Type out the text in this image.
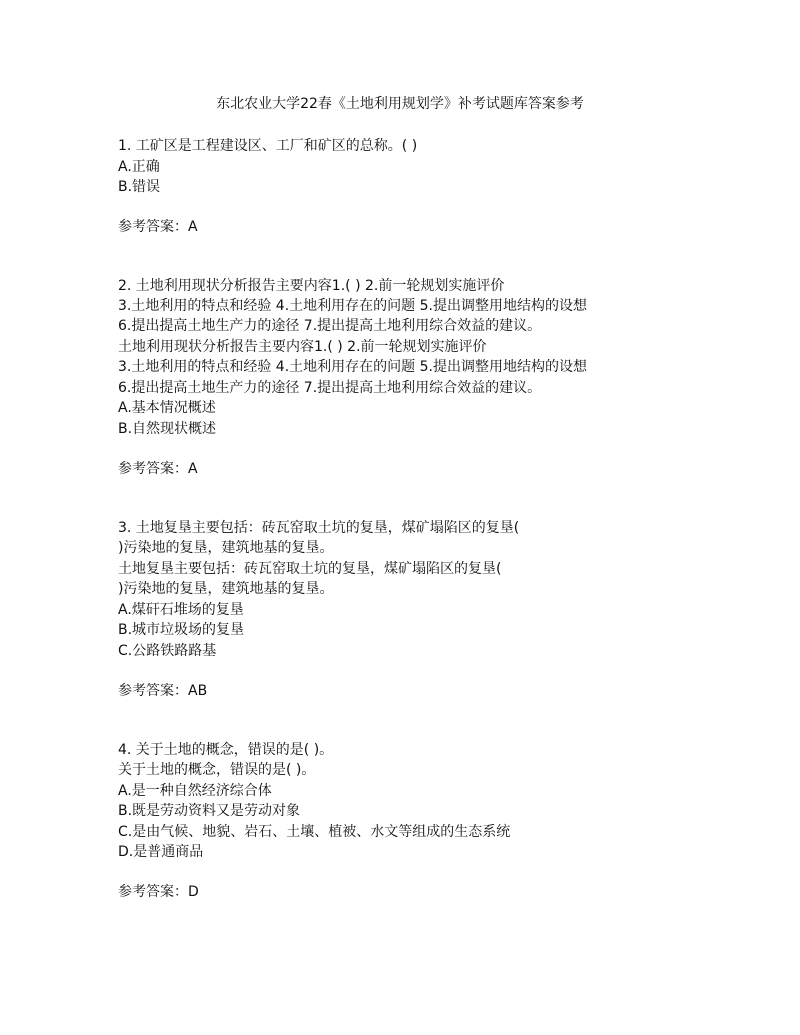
东北农业大学22春《土地利用规划学》补考试题库答案参考
1. 工矿区是工程建设区、工厂和矿区的总称。( )
A.正确
B.错误
参考答案：A
2. 土地利用现状分析报告主要内容1.( ) 2.前一轮规划实施评价
3.土地利用的特点和经验 4.土地利用存在的问题 5.提出调整用地结构的设想
6.提出提高土地生产力的途径 7.提出提高土地利用综合效益的建议。
土地利用现状分析报告主要内容1.( ) 2.前一轮规划实施评价
3.土地利用的特点和经验 4.土地利用存在的问题 5.提出调整用地结构的设想
6.提出提高土地生产力的途径 7.提出提高土地利用综合效益的建议。
A.基本情况概述
B.自然现状概述
参考答案：A
3. 土地复垦主要包括：砖瓦窑取土坑的复垦，煤矿塌陷区的复垦(
)污染地的复垦，建筑地基的复垦。
土地复垦主要包括：砖瓦窑取土坑的复垦，煤矿塌陷区的复垦(
)污染地的复垦，建筑地基的复垦。
A.煤矸石堆场的复垦
B.城市垃圾场的复垦
C.公路铁路路基
参考答案：AB
4. 关于土地的概念，错误的是( )。
关于土地的概念，错误的是( )。
A.是一种自然经济综合体
B.既是劳动资料又是劳动对象
C.是由气候、地貌、岩石、土壤、植被、水文等组成的生态系统
D.是普通商品
参考答案：D
